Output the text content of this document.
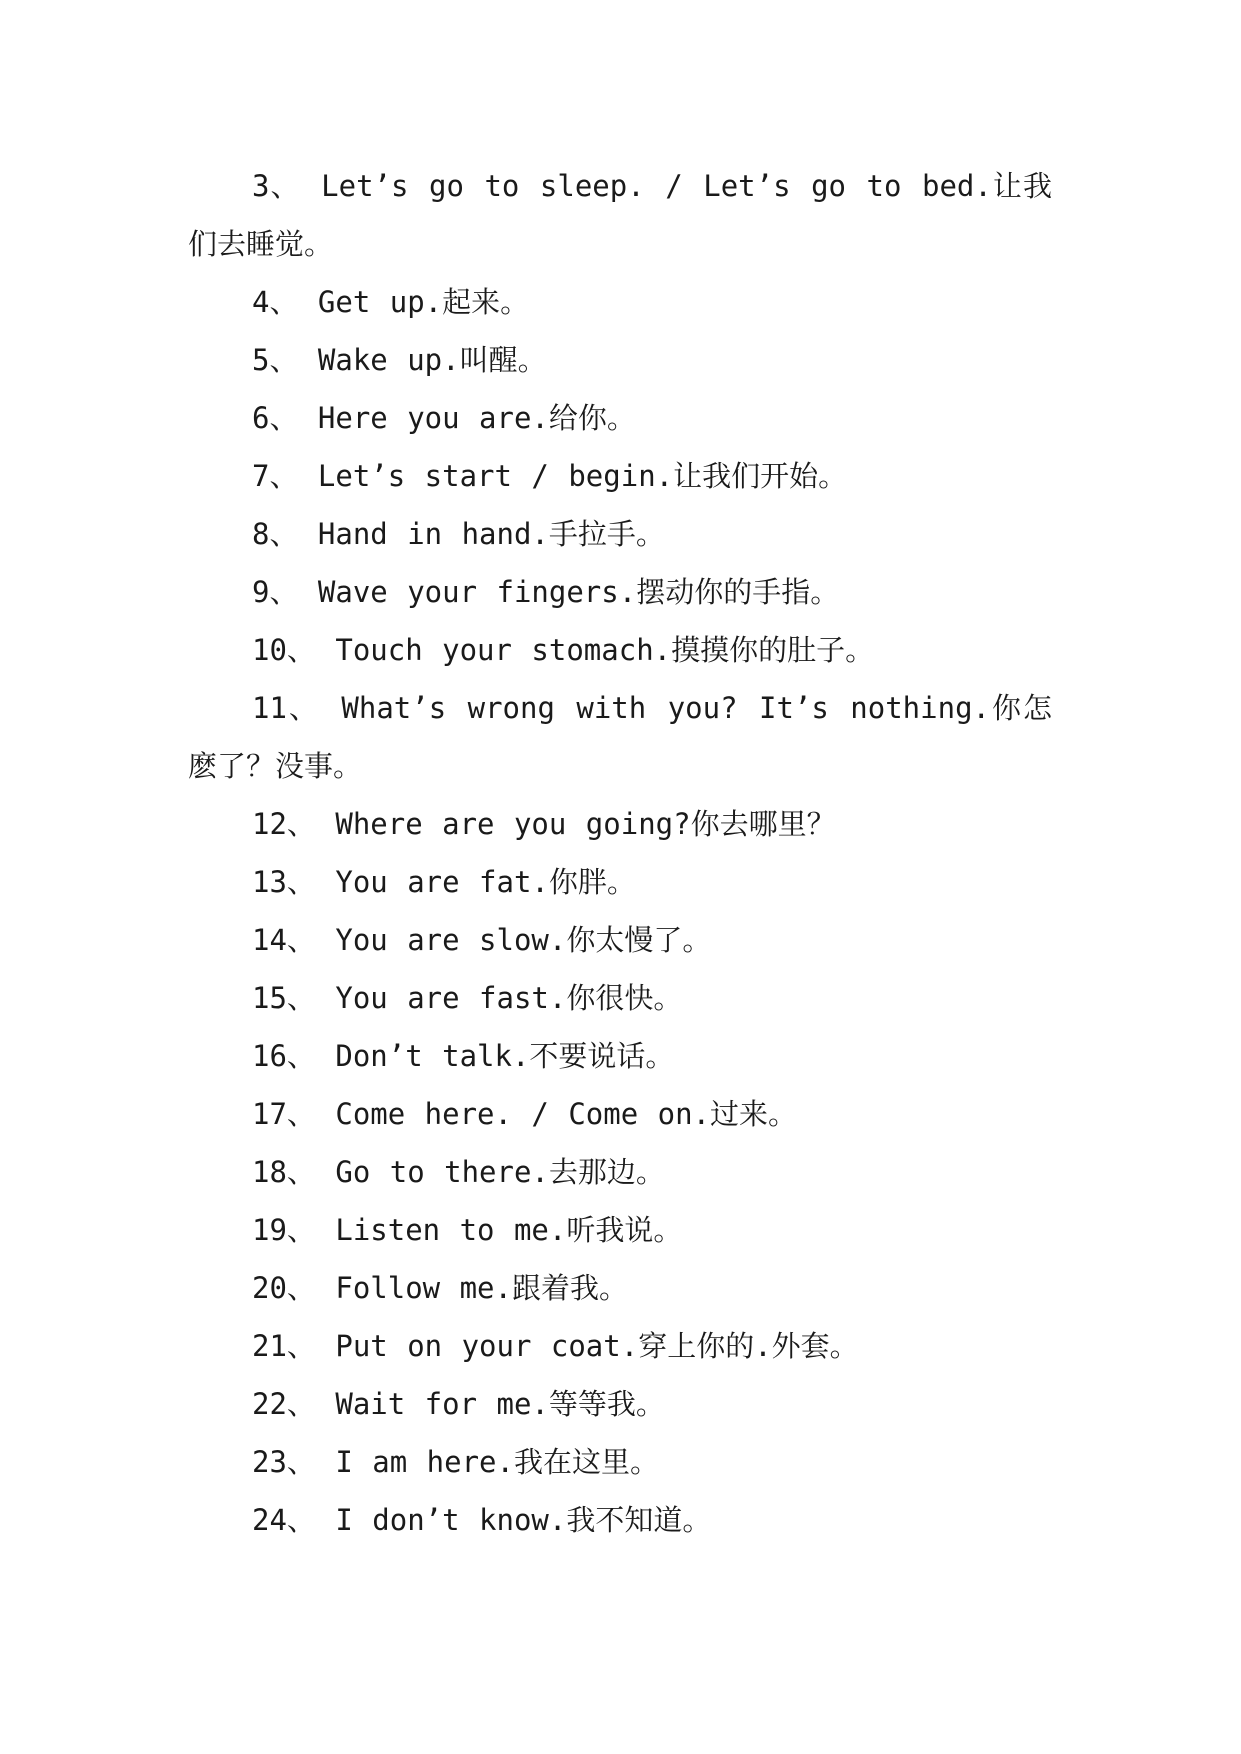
3、 Let’s go to sleep. / Let’s go to bed.让我们去睡觉。

4、 Get up.起来。

5、 Wake up.叫醒。

6、 Here you are.给你。

7、 Let’s start / begin.让我们开始。

8、 Hand in hand.手拉手。

9、 Wave your fingers.摆动你的手指。

10、 Touch your stomach.摸摸你的肚子。

11、 What’s wrong with you? It’s nothing.你怎麽了？没事。

12、 Where are you going?你去哪里？

13、 You are fat.你胖。

14、 You are slow.你太慢了。

15、 You are fast.你很快。

16、 Don’t talk.不要说话。

17、 Come here. / Come on.过来。

18、 Go to there.去那边。

19、 Listen to me.听我说。

20、 Follow me.跟着我。

21、 Put on your coat.穿上你的.外套。

22、 Wait for me.等等我。

23、 I am here.我在这里。

24、 I don’t know.我不知道。
